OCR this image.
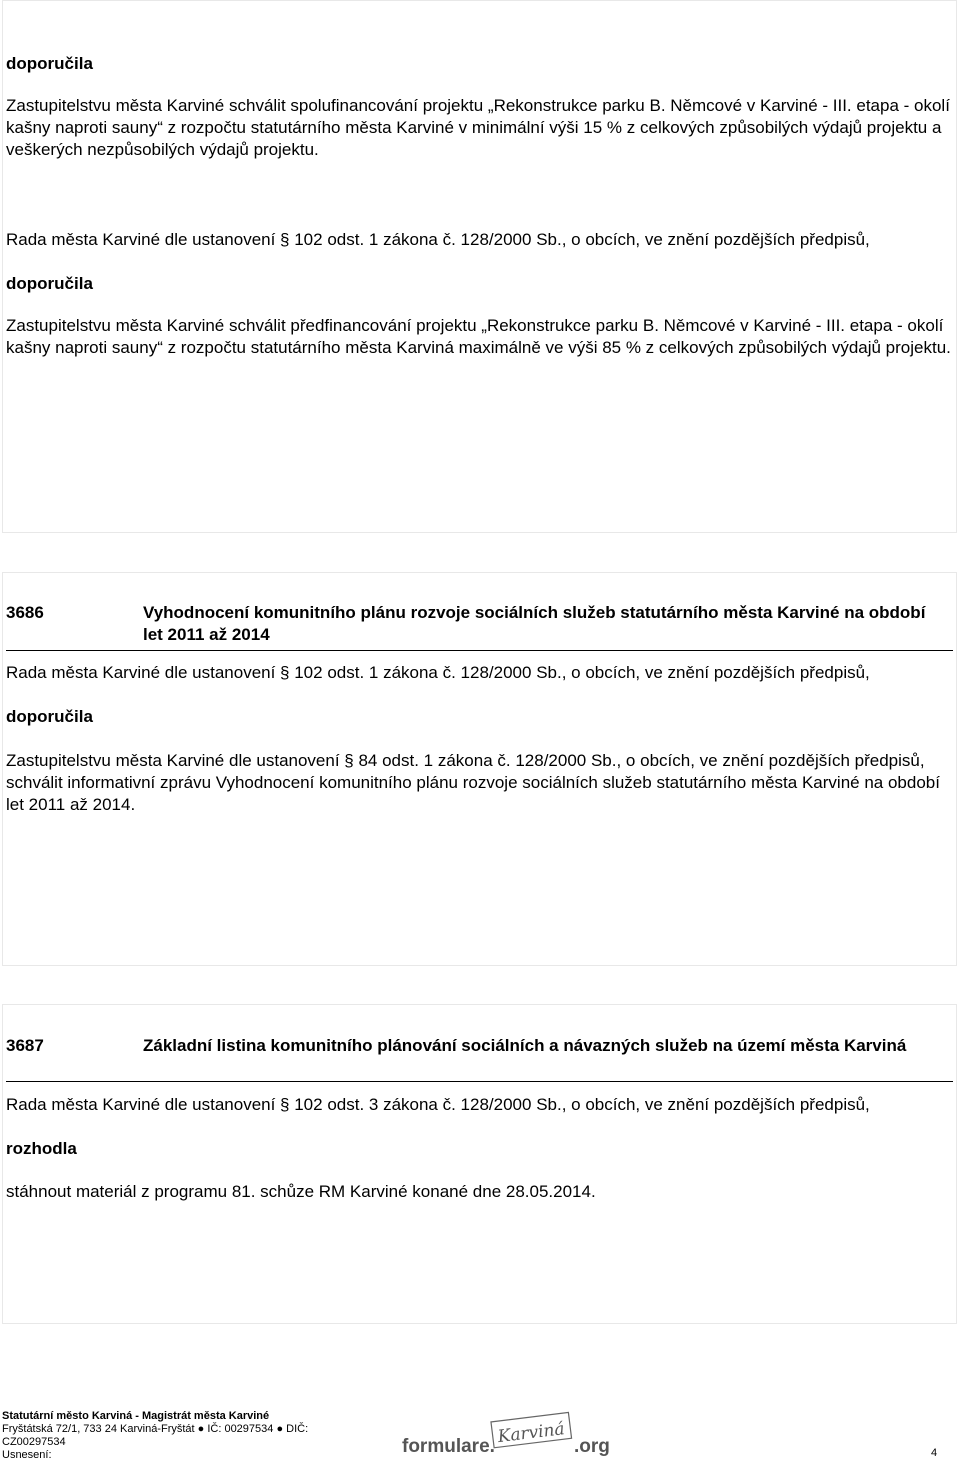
doporučila

Zastupitelstvu města Karviné schválit spolufinancování projektu „Rekonstrukce parku B. Němcové v Karviné - III. etapa - okolí kašny naproti sauny“ z rozpočtu statutárního města Karviné v minimální výši 15 % z celkových způsobilých výdajů projektu a veškerých nezpůsobilých výdajů projektu.

Rada města Karviné dle ustanovení § 102 odst. 1 zákona č. 128/2000 Sb., o obcích, ve znění pozdějších předpisů,

doporučila

Zastupitelstvu města Karviné schválit předfinancování projektu „Rekonstrukce parku B. Němcové v Karviné - III. etapa - okolí kašny naproti sauny“ z rozpočtu statutárního města Karviná maximálně ve výši 85 % z celkových způsobilých výdajů projektu.

3686	Vyhodnocení komunitního plánu rozvoje sociálních služeb statutárního města Karviné na období let 2011 až 2014

Rada města Karviné dle ustanovení § 102 odst. 1 zákona č. 128/2000 Sb., o obcích, ve znění pozdějších předpisů,

doporučila

Zastupitelstvu města Karviné dle ustanovení § 84 odst. 1 zákona č. 128/2000 Sb., o obcích, ve znění pozdějších předpisů, schválit informativní zprávu Vyhodnocení komunitního plánu rozvoje sociálních služeb statutárního města Karviné na období let 2011 až 2014.

3687	Základní listina komunitního plánování sociálních a návazných služeb na území města Karviná

Rada města Karviné dle ustanovení § 102 odst. 3 zákona č. 128/2000 Sb., o obcích, ve znění pozdějších předpisů,

rozhodla

stáhnout materiál z programu 81. schůze RM Karviné konané dne 28.05.2014.

Statutární město Karviná - Magistrát města Karviné
Fryštátská 72/1, 733 24 Karviná-Fryštát ● IČ: 00297534 ● DIČ:
CZ00297534
Usnesení:	formulare. Karviná .org	4
